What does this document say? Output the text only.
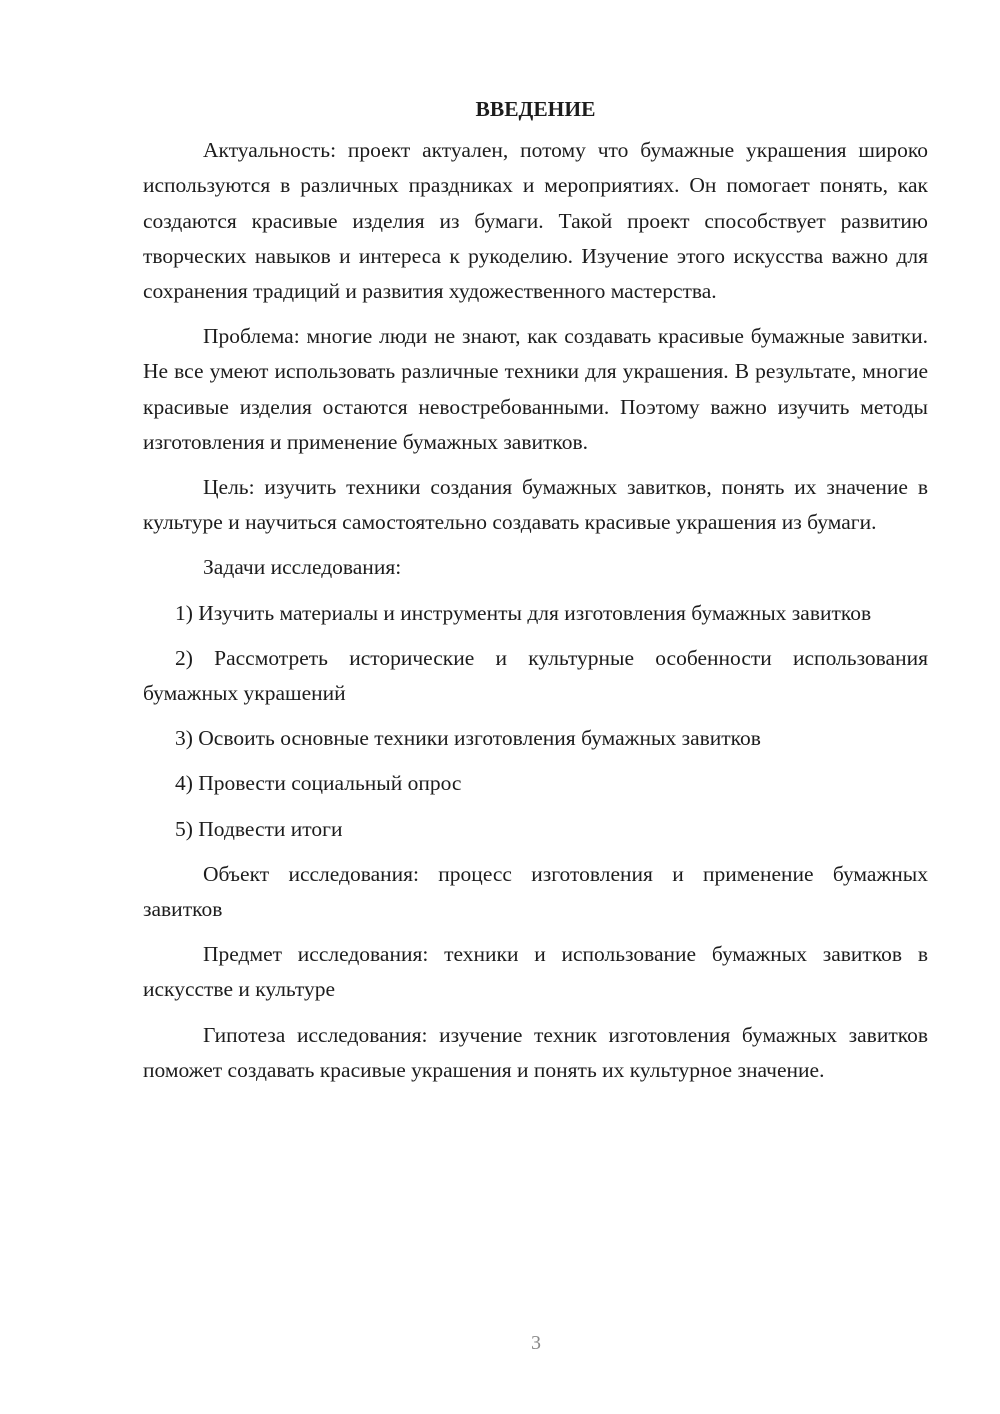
ВВЕДЕНИЕ

Актуальность: проект актуален, потому что бумажные украшения широко используются в различных праздниках и мероприятиях. Он помогает понять, как создаются красивые изделия из бумаги. Такой проект способствует развитию творческих навыков и интереса к рукоделию. Изучение этого искусства важно для сохранения традиций и развития художественного мастерства.

Проблема: многие люди не знают, как создавать красивые бумажные завитки. Не все умеют использовать различные техники для украшения. В результате, многие красивые изделия остаются невостребованными. Поэтому важно изучить методы изготовления и применение бумажных завитков.

Цель: изучить техники создания бумажных завитков, понять их значение в культуре и научиться самостоятельно создавать красивые украшения из бумаги.

Задачи исследования:

1) Изучить материалы и инструменты для изготовления бумажных завитков

2) Рассмотреть исторические и культурные особенности использования бумажных украшений

3) Освоить основные техники изготовления бумажных завитков

4) Провести социальный опрос

5) Подвести итоги

Объект исследования: процесс изготовления и применение бумажных завитков

Предмет исследования: техники и использование бумажных завитков в искусстве и культуре

Гипотеза исследования: изучение техник изготовления бумажных завитков поможет создавать красивые украшения и понять их культурное значение.

3
